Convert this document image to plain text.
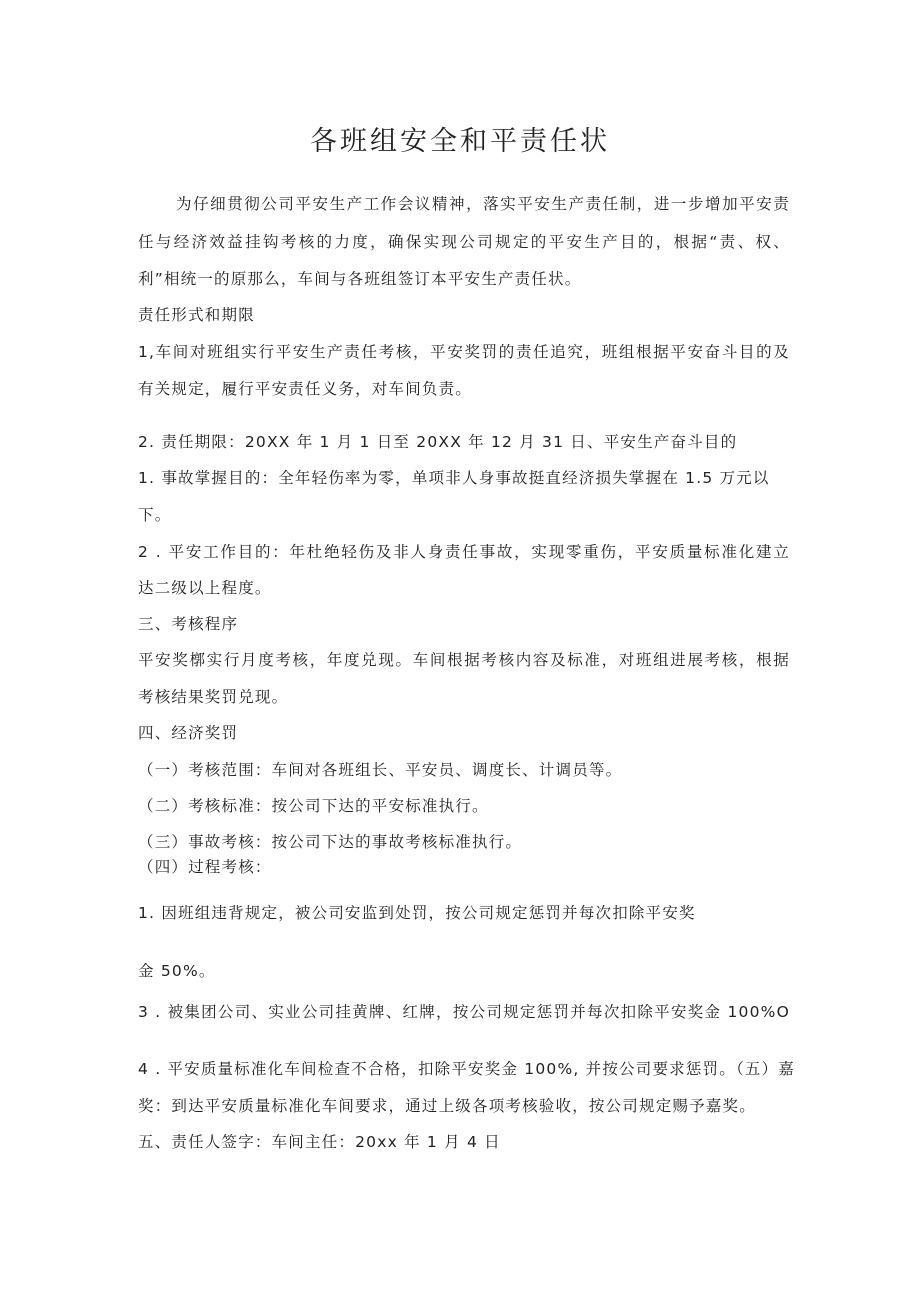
各班组安全和平责任状
为仔细贯彻公司平安生产工作会议精神，落实平安生产责任制，进一步增加平安责
任与经济效益挂钩考核的力度，确保实现公司规定的平安生产目的，根据“责、权、
利”相统一的原那么，车间与各班组签订本平安生产责任状。
责任形式和期限
1,车间对班组实行平安生产责任考核，平安奖罚的责任追究，班组根据平安奋斗目的及
有关规定，履行平安责任义务，对车间负责。
2. 责任期限：20XX 年 1 月 1 日至 20XX 年 12 月 31 日、平安生产奋斗目的
1. 事故掌握目的：全年轻伤率为零，单项非人身事故挺直经济损失掌握在 1.5 万元以
下。
2 . 平安工作目的：年杜绝轻伤及非人身责任事故，实现零重伤，平安质量标准化建立
达二级以上程度。
三、考核程序
平安奖槨实行月度考核，年度兑现。车间根据考核内容及标准，对班组进展考核，根据
考核结果奖罚兑现。
四、经济奖罚
（一）考核范围：车间对各班组长、平安员、调度长、计调员等。
（二）考核标准：按公司下达的平安标准执行。
（三）事故考核：按公司下达的事故考核标准执行。
（四）过程考核：
1. 因班组违背规定，被公司安监到处罚，按公司规定惩罚并每次扣除平安奖
金 50%。
3 . 被集团公司、实业公司挂黄牌、红牌，按公司规定惩罚并每次扣除平安奖金 100%O
4 . 平安质量标准化车间检查不合格，扣除平安奖金 100%, 并按公司要求惩罚。（五）嘉
奖：到达平安质量标准化车间要求，通过上级各项考核验收，按公司规定赐予嘉奖。
五、责任人签字：车间主任：20xx 年 1 月 4 日
